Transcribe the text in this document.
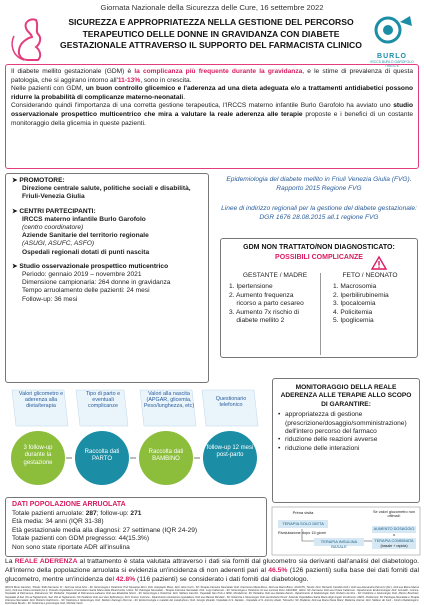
Giornata Nazionale della Sicurezza delle Cure, 16 settembre 2022
SICUREZZA E APPROPRIATEZZA NELLA GESTIONE DEL PERCORSO
TERAPEUTICO DELLE DONNE IN GRAVIDANZA CON DIABETE
GESTAZIONALE ATTRAVERSO IL SUPPORTO DEL FARMACISTA CLINICO
BURLO
IRCCS BURLO GAROFOLO TRIESTE

Il diabete mellito gestazionale (GDM) è la complicanza più frequente durante la gravidanza, e le stime di prevalenza di questa patologia, che si aggirano intorno all'11-13%, sono in crescita.

Nelle pazienti con GDM, un buon controllo glicemico e l'aderenza ad una dieta adeguata e/o a trattamenti antidiabetici possono ridurre la probabilità di complicanze materno-neonatali.

Considerando quindi l'importanza di una corretta gestione terapeutica, l'IRCCS materno infantile Burlo Garofolo ha avviato uno studio osservazionale prospettico multicentrico che mira a valutare la reale aderenza alle terapie proposte e i benefici di un costante monitoraggio della glicemia in queste pazienti.

➤ PROMOTORE:
Direzione centrale salute, politiche sociali e disabilità, Friuli-Venezia Giulia
➤ CENTRI PARTECIPANTI:
IRCCS materno infantile Burlo Garofolo
(centro coordinatore)
Aziende Sanitarie del territorio regionale
(ASUGI, ASUFC, ASFO)
Ospedali regionali dotati di punti nascita
➤ Studio osservazionale prospettico muticentrico
Periodo: gennaio 2019 – novembre 2021
Dimensione campionaria: 264 donne in gravidanza
Tempo arruolamento delle pazienti: 24 mesi
Follow-up: 36 mesi
Epidemiologia del diabete mellito in Friuli Venezia Giulia (FVG). Rapporto 2015 Regione FVG
Linee di indirizzo regionali per la gestione del diabete gestazionale: DGR 1676 28.08.2015 all.1 regione FVG
GDM NON TRATTATO/NON DIAGNOSTICATO:
POSSIBILI COMPLICANZE
GESTANTE / MADRE	FETO / NEONATO
1. Ipertensione
2. Aumento frequenza
ricorso a parto cesareo
3. Aumento 7x rischio di
diabete mellito 2
1. Macrosomia
2. Iperbilirubinemia
3. Ipocalcemia
4. Policitemia
5. Ipoglicemia
Valori glicometro e aderenza alla dieta/terapia
Tipo di parto e eventuali complicanze
Valori alla nascita (APGAR, glicemia, Peso/lunghezza, etc)
Questionario telefonico
3 follow-up durante la gestazione
Raccolta dati PARTO
Raccolta dati BAMBINO
follow-up 12 mesi post-parto
MONITORAGGIO DELLA REALE ADERENZA ALLE TERAPIE ALLO SCOPO DI GARANTIRE:
• appropriatezza di gestione (prescrizione/dosaggio/somministrazione) dell'intero percorso del farmaco
• riduzione delle reazioni avverse
• riduzione delle interazioni
DATI POPOLAZIONE ARRUOLATA
Totale pazienti arruolate: 287; follow-up: 271
Età media: 34 anni (IQR 31-38)
Età gestazionale media alla diagnosi: 27 settimane (IQR 24-29)
Totale pazienti con GDM pregresso: 44(15.3%)
Non sono state riportate ADR all'insulina
Prima visita
TERAPIA SOLO DIETA
Rivalutazione dopo 15 giorni
TERAPIA INSULINA BASALE
Se valori glucometro non ottimali:
AUMENTO DOSAGGIO
o
TERAPIA COMBINATA
(basale + rapida)
La REALE ADERENZA al trattamento è stata valutata attraverso i dati sia forniti dal glucometro sia derivanti dall'analisi del diabetologo. All'interno della popolazione arruolata si evidenzia un'incidenza di non aderenti pari al 46.5% (126 pazienti) sulla base dei dati forniti dal glucometro, mentre un'incidenza del 42.8% (116 pazienti) se considerato i dati forniti dal diabetologo.
IRCCS Burlo Garofolo, Trieste: SSD Farmacia: FI - Dott.ssa Anna Arbo - SC Ginecologia e Ostetricia: Prof Giuseppe Ricci, Dott. Gianpaolo Maso, Dott. Alice Conti - SC Terapia Intensiva Neonatale: Dott. Francesco Maria Risso, Dott.ssa Marta Bisco; ASUGTS, Trieste: Dott. Riccardo Candido Dott.I, Dott.ssa Alessandra Petrucco (Dir.), Dott.ssa Elena Manca (Ist.I), Dott.ssa Chiara Gottardi (Ist.I). Presidio Ospedaliero Universitario Santa Maria della Misericordia, Udine: SC Patologia Neonatale - Terapia Intensiva Neonatale: Dott. Luigi Cattarossi - SC Ginecologia e Ostetricia: Dr.ssa Lorenza Driul. ASUFIDD, Udine: SC Farmacia: Dott.ssa Chiara Cattarossi - Dipartimento Endocrinologia: Dott. Grimaldi - Franca. Ospedale di Palmanova, Palmanova: SC Pediatria: Ospedale di Palmanova-Latisana: Dott.ssa Elisabetta Moret - SC Ginecologia e Ostetricia: Dott. Stefano Facchin. Ospedale San Polo e 8DSI, Monfalcone: SC Pediatria: Dott.ssa Daniela Zanoli - Dipartimento di Diabetologia: Dott. Roberto da Ros - SC Ostetricia e Ginecologia: Dott. Pierino Boschian. Ospedale di San Vito al Tagliamento, San Vito al Tagliamento: SC Pediatria: Dott.ssa Vera Spilimbergo; Dott. Franco Colonna - Dipartimento Assistenza ospedaliera: Dott.ssa Manola Micoletti - SC Ostetricia e Ginecologia: Dott.ssa Roberta Piuzzi. Azienda Ospedaliera Santa Maria degli Angeli, Pordenone: ASFO, Pordenone: SC Patologia Neonatale e Terapia Intensiva Neonatale: Dott. Roberto Dall'Amico - SC Ostetricia e Ginecologia: Dott. Stefano Fanzago Perrone - SC Endocrinologia e malattie del metabolismo: Dott. Giorgio Zanette. Ospedale di S. Daniele - Ospedale di S. Antonio Abate, Tolmezzo: SC Pediatria: Dott.ssa Maria Paola Miani; Medicina interna: Dott. Stefano de Carli - Centro Diabetologico: Dott.Paola Bordin - SC Ostetricia e ginecologia: Dott. Michele Vanin
